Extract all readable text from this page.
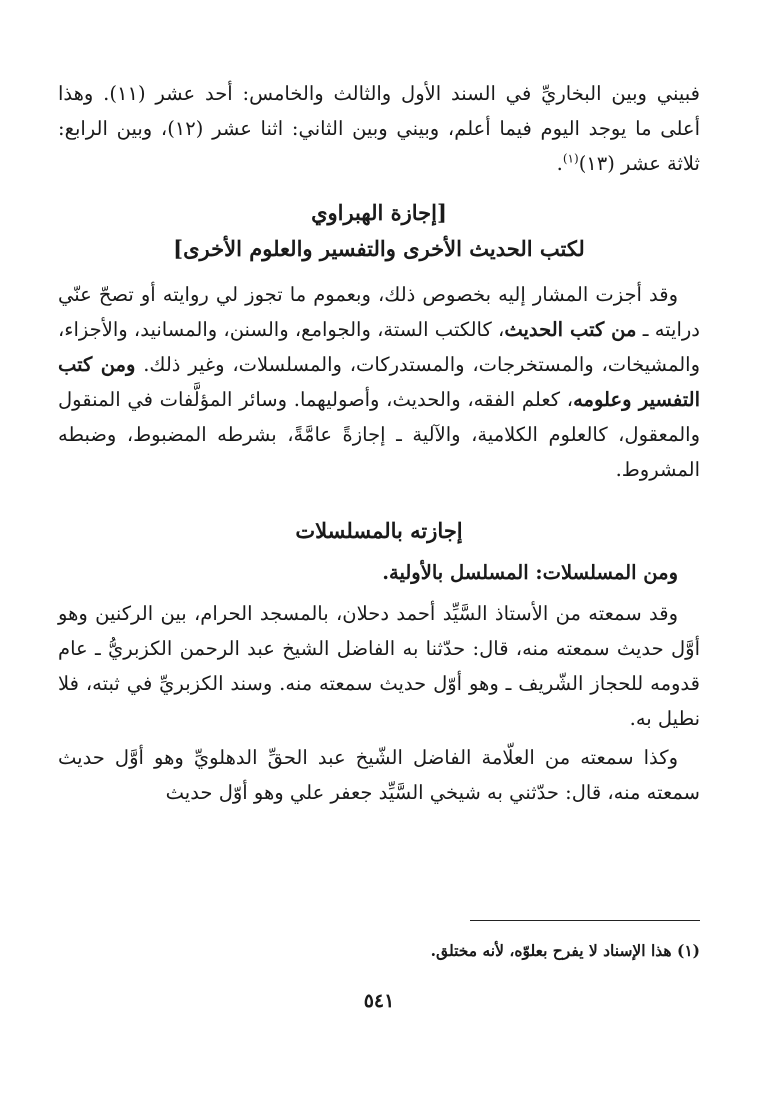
فبيني وبين البخاريِّ في السند الأول والثالث والخامس: أحد عشر (١١). وهذا أعلى ما يوجد اليوم فيما أعلم، وبيني وبين الثاني: اثنا عشر (١٢)، وبين الرابع: ثلاثة عشر (١٣)$^{(١)}$.

[إجازة الهبراوي

لكتب الحديث الأخرى والتفسير والعلوم الأخرى]

وقد أجزت المشار إليه بخصوص ذلك، وبعموم ما تجوز لي روايته أو تصحّ عنّي درايته ـ من كتب الحديث، كالكتب الستة، والجوامع، والسنن، والمسانيد، والأجزاء، والمشيخات، والمستخرجات، والمستدركات، والمسلسلات، وغير ذلك. ومن كتب التفسير وعلومه، كعلم الفقه، والحديث، وأصوليهما. وسائر المؤلَّفات في المنقول والمعقول، كالعلوم الكلامية، والآلية ـ إجازةً عامَّةً، بشرطه المضبوط، وضبطه المشروط.

إجازته بالمسلسلات

ومن المسلسلات: المسلسل بالأولية.

وقد سمعته من الأستاذ السَّيِّد أحمد دحلان، بالمسجد الحرام، بين الركنين وهو أوَّل حديث سمعته منه، قال: حدّثنا به الفاضل الشيخ عبد الرحمن الكزبريُّ ـ عام قدومه للحجاز الشّريف ـ وهو أوّل حديث سمعته منه. وسند الكزبريِّ في ثبته، فلا نطيل به.

وكذا سمعته من العلّامة الفاضل الشّيخ عبد الحقِّ الدهلويِّ وهو أوَّل حديث سمعته منه، قال: حدّثني به شيخي السَّيِّد جعفر علي وهو أوّل حديث

(١) هذا الإسناد لا يفرح بعلوّه، لأنه مختلق.

٥٤١
